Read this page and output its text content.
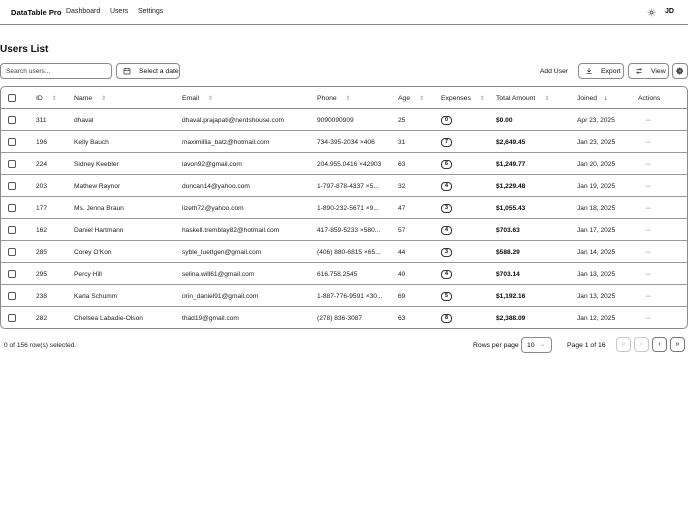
DataTable Pro Dashboard Users Settings	JD
Users List
Search users...
Select a date	Add User	Export	View
ID ⇕	Name ⇕	Email ⇕	Phone ⇕	Age ⇕ Expenses ⇕ Total Amount ⇕	Joined ↓	Actions
311	dhaval	dhaval.prajapati@nerdshouse.com	9090090909	25	0	$0.00	Apr 23, 2025	···
196	Kelly Bauch	maximillia_batz@hotmail.com	734-395-2034 ×406	31	7	$2,649.45	Jan 23, 2025	···
224	Sidney Keebler	lavon92@gmail.com	204.955.0416 ×42903	63	6	$1,249.77	Jan 20, 2025	···
203	Mathew Raynor	duncan14@yahoo.com	1-797-878-4337 ×5...	32	4	$1,229.48	Jan 19, 2025	···
177	Ms. Jenna Braun	lizeth72@yahoo.com	1-890-232-5671 ×9...	47	3	$1,055.43	Jan 18, 2025	···
162	Daniel Hartmann	haskell.tremblay82@hotmail.com	417-859-5233 ×580...	57	4	$703.63	Jan 17, 2025	···
285	Corey O'Kon	syble_luettgen@gmail.com	(406) 880-6815 ×65...	44	3	$588.29	Jan 14, 2025	···
295	Percy Hill	selina.will61@gmail.com	616.758.2545	40	4	$703.14	Jan 13, 2025	···
238	Karla Schumm	orin_daniel91@gmail.com	1-887-776-9591 ×30... 69	5	$1,192.16	Jan 13, 2025	···
282	Chelsea Labadie-Olson	thad19@gmail.com	(278) 836-3087	63	8	$2,388.09	Jan 12, 2025	···
0 of 156 row(s) selected.	Rows per page 10 ⌄	Page 1 of 16	«	‹	›	»
